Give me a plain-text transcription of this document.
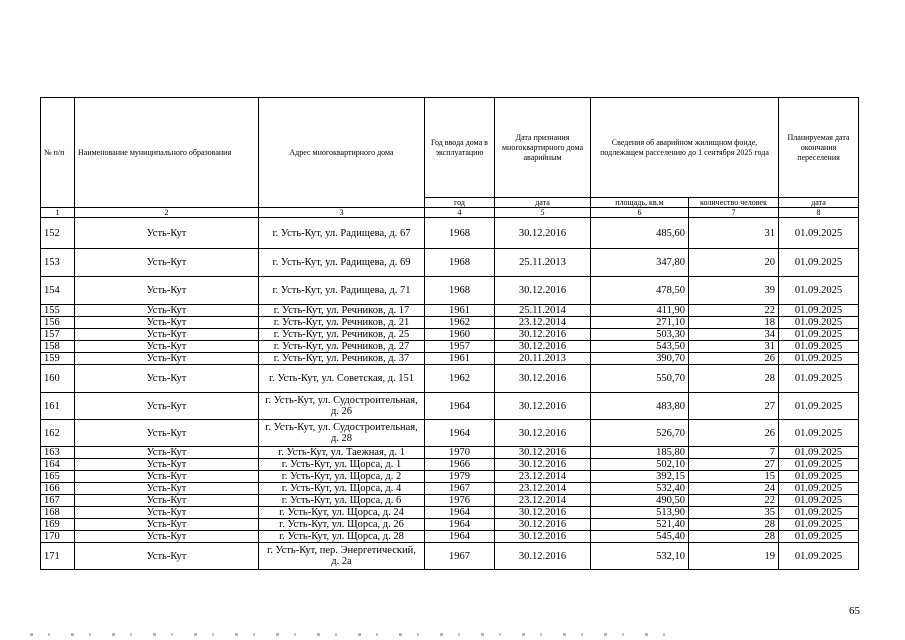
№ п/п	Наименование муниципального образования	Адрес многоквартирного дома	Год ввода дома в эксплуатацию	Дата признания многоквартирного дома аварийным	Сведения об аварийном жилищном фонде, подлежащем расселению до 1 сентября 2025 года		Планируемая дата окончания переселения
			год	дата	площадь, кв.м	количество человек	дата
1	2	3	4	5	6	7	8
152	Усть-Кут	г. Усть-Кут, ул. Радищева, д. 67	1968	30.12.2016	485,60	31	01.09.2025
153	Усть-Кут	г. Усть-Кут, ул. Радищева, д. 69	1968	25.11.2013	347,80	20	01.09.2025
154	Усть-Кут	г. Усть-Кут, ул. Радищева, д. 71	1968	30.12.2016	478,50	39	01.09.2025
155	Усть-Кут	г. Усть-Кут, ул. Речников, д. 17	1961	25.11.2014	411,90	22	01.09.2025
156	Усть-Кут	г. Усть-Кут, ул. Речников, д. 21	1962	23.12.2014	271,10	18	01.09.2025
157	Усть-Кут	г. Усть-Кут, ул. Речников, д. 25	1960	30.12.2016	503,30	34	01.09.2025
158	Усть-Кут	г. Усть-Кут, ул. Речников, д. 27	1957	30.12.2016	543,50	31	01.09.2025
159	Усть-Кут	г. Усть-Кут, ул. Речников, д. 37	1961	20.11.2013	390,70	26	01.09.2025
160	Усть-Кут	г. Усть-Кут, ул. Советская, д. 151	1962	30.12.2016	550,70	28	01.09.2025
161	Усть-Кут	г. Усть-Кут, ул. Судостроительная, д. 26	1964	30.12.2016	483,80	27	01.09.2025
162	Усть-Кут	г. Усть-Кут, ул. Судостроительная, д. 28	1964	30.12.2016	526,70	26	01.09.2025
163	Усть-Кут	г. Усть-Кут, ул. Таежная, д. 1	1970	30.12.2016	185,80	7	01.09.2025
164	Усть-Кут	г. Усть-Кут, ул. Щорса, д. 1	1966	30.12.2016	502,10	27	01.09.2025
165	Усть-Кут	г. Усть-Кут, ул. Щорса, д. 2	1979	23.12.2014	392,15	15	01.09.2025
166	Усть-Кут	г. Усть-Кут, ул. Щорса, д. 4	1967	23.12.2014	532,40	24	01.09.2025
167	Усть-Кут	г. Усть-Кут, ул. Щорса, д. 6	1976	23.12.2014	490,50	22	01.09.2025
168	Усть-Кут	г. Усть-Кут, ул. Щорса, д. 24	1964	30.12.2016	513,90	35	01.09.2025
169	Усть-Кут	г. Усть-Кут, ул. Щорса, д. 26	1964	30.12.2016	521,40	28	01.09.2025
170	Усть-Кут	г. Усть-Кут, ул. Щорса, д. 28	1964	30.12.2016	545,40	28	01.09.2025
171	Усть-Кут	г. Усть-Кут, пер. Энергетический, д. 2а	1967	30.12.2016	532,10	19	01.09.2025
65
